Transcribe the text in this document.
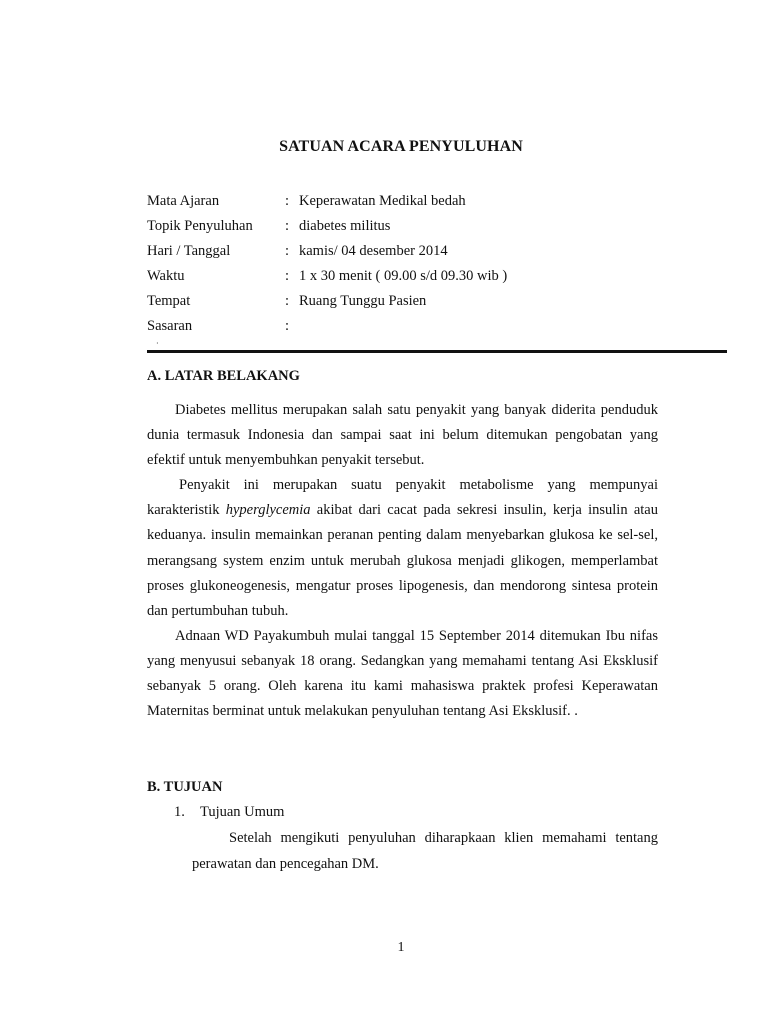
SATUAN ACARA PENYULUHAN
Mata Ajaran	: Keperawatan Medikal bedah
Topik Penyuluhan : diabetes militus
Hari / Tanggal	: kamis/ 04 desember 2014
Waktu	: 1 x 30 menit ( 09.00 s/d 09.30 wib )
Tempat	: Ruang Tunggu Pasien
Sasaran	:
·
A. LATAR BELAKANG

Diabetes mellitus merupakan salah satu penyakit yang banyak diderita penduduk dunia termasuk Indonesia dan sampai saat ini belum ditemukan pengobatan yang efektif untuk menyembuhkan penyakit tersebut.

Penyakit ini merupakan suatu penyakit metabolisme yang mempunyai karakteristik hyperglycemia akibat dari cacat pada sekresi insulin, kerja insulin atau keduanya. insulin memainkan peranan penting dalam menyebarkan glukosa ke sel-sel, merangsang system enzim untuk merubah glukosa menjadi glikogen, memperlambat proses glukoneogenesis, mengatur proses lipogenesis, dan mendorong sintesa protein dan pertumbuhan tubuh.

Adnaan WD Payakumbuh mulai tanggal 15 September 2014 ditemukan Ibu nifas yang menyusui sebanyak 18 orang. Sedangkan yang memahami tentang Asi Eksklusif sebanyak 5 orang. Oleh karena itu kami mahasiswa praktek profesi Keperawatan Maternitas berminat untuk melakukan penyuluhan tentang Asi Eksklusif. .

B. TUJUAN
1. Tujuan Umum

Setelah mengikuti penyuluhan diharapkaan klien memahami tentang perawatan dan pencegahan DM.

1
